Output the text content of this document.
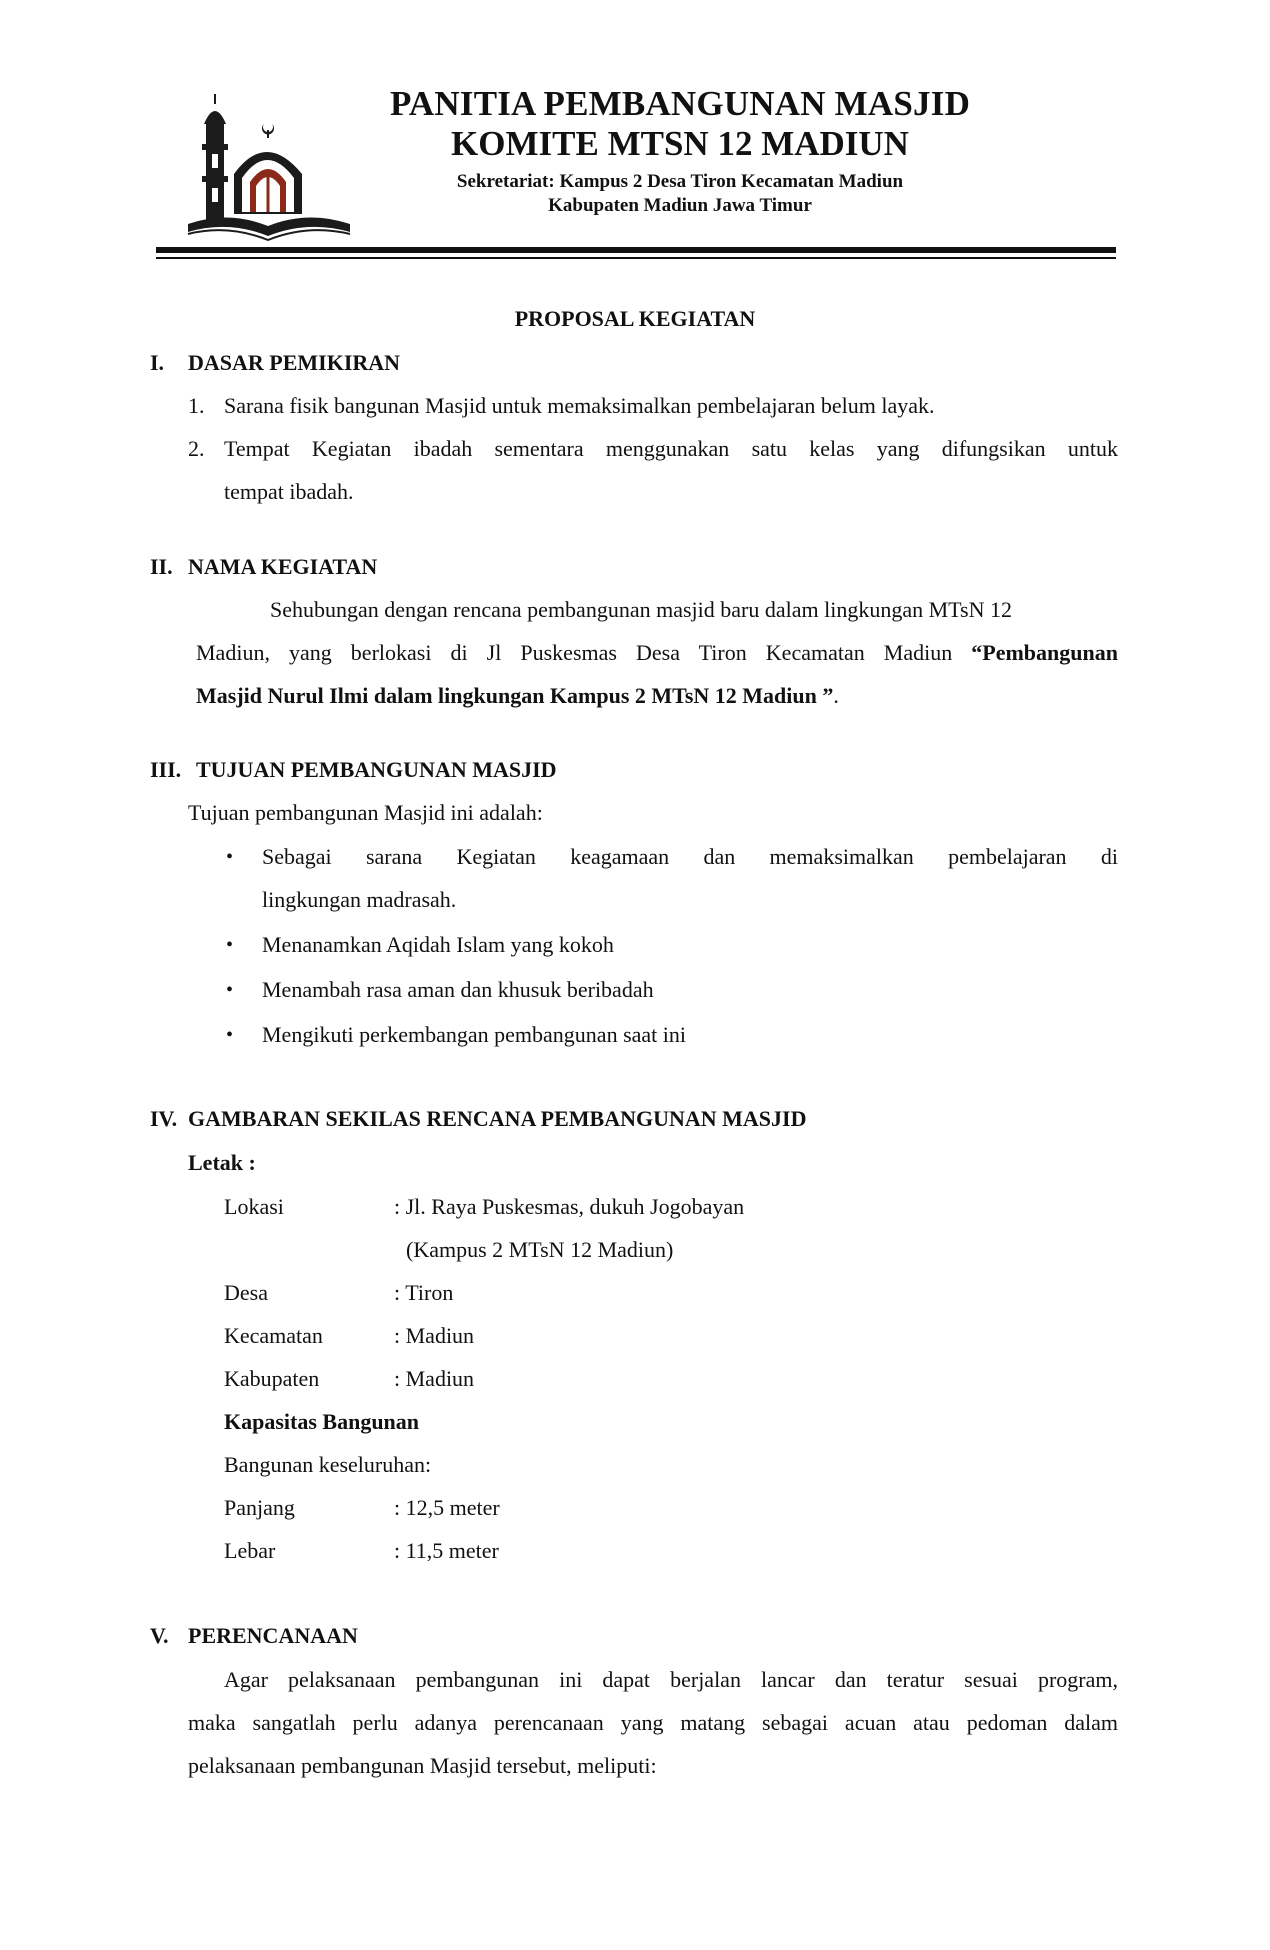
PANITIA PEMBANGUNAN MASJID
KOMITE MTSN 12 MADIUN
Sekretariat: Kampus 2 Desa Tiron Kecamatan Madiun
Kabupaten Madiun Jawa Timur
PROPOSAL KEGIATAN
I. DASAR PEMIKIRAN
1. Sarana fisik bangunan Masjid untuk memaksimalkan pembelajaran belum layak.
2. Tempat Kegiatan ibadah sementara menggunakan satu kelas yang difungsikan untuk
tempat ibadah.
II. NAMA KEGIATAN
Sehubungan dengan rencana pembangunan masjid baru dalam lingkungan MTsN 12
Madiun, yang berlokasi di Jl Puskesmas Desa Tiron Kecamatan Madiun “Pembangunan
Masjid Nurul Ilmi dalam lingkungan Kampus 2 MTsN 12 Madiun ”.
III. TUJUAN PEMBANGUNAN MASJID
Tujuan pembangunan Masjid ini adalah:
• Sebagai sarana Kegiatan keagamaan dan memaksimalkan pembelajaran di
lingkungan madrasah.
• Menanamkan Aqidah Islam yang kokoh
• Menambah rasa aman dan khusuk beribadah
• Mengikuti perkembangan pembangunan saat ini
IV. GAMBARAN SEKILAS RENCANA PEMBANGUNAN MASJID
Letak :
Lokasi	: Jl. Raya Puskesmas, dukuh Jogobayan
(Kampus 2 MTsN 12 Madiun)
Desa	: Tiron
Kecamatan	: Madiun
Kabupaten	: Madiun
Kapasitas Bangunan
Bangunan keseluruhan:
Panjang	: 12,5 meter
Lebar	: 11,5 meter
V. PERENCANAAN
Agar pelaksanaan pembangunan ini dapat berjalan lancar dan teratur sesuai program,
maka sangatlah perlu adanya perencanaan yang matang sebagai acuan atau pedoman dalam
pelaksanaan pembangunan Masjid tersebut, meliputi:
